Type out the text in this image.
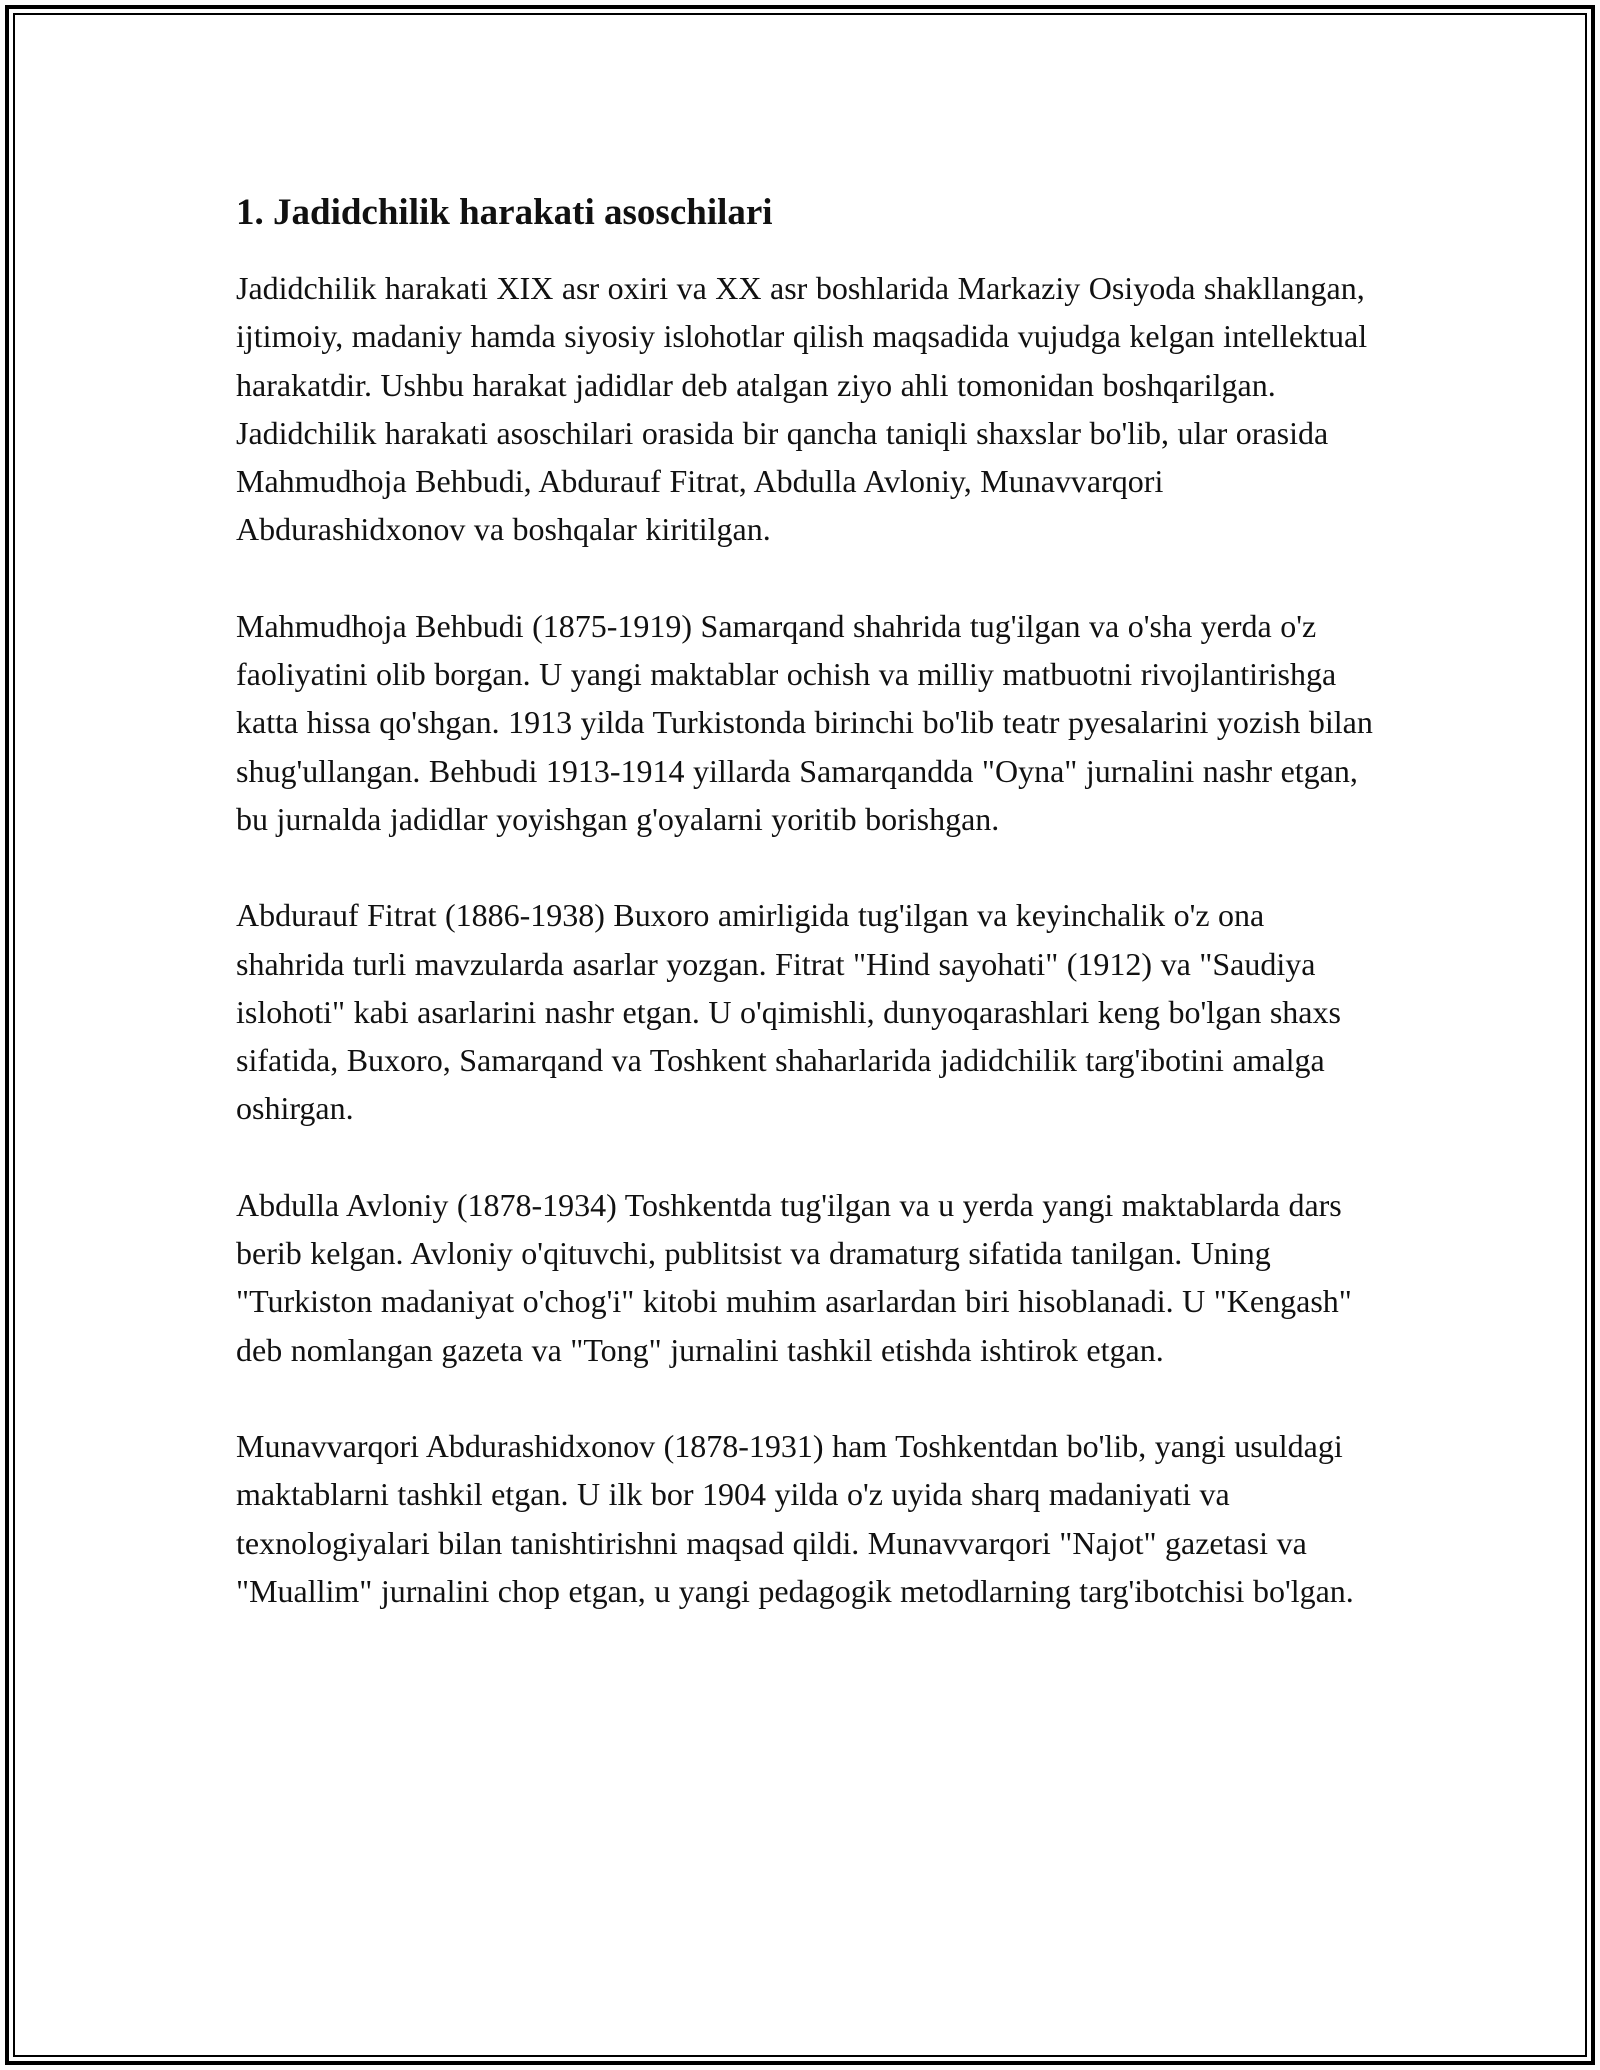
1. Jadidchilik harakati asoschilari

Jadidchilik harakati XIX asr oxiri va XX asr boshlarida Markaziy Osiyoda shakllangan, ijtimoiy, madaniy hamda siyosiy islohotlar qilish maqsadida vujudga kelgan intellektual harakatdir. Ushbu harakat jadidlar deb atalgan ziyo ahli tomonidan boshqarilgan. Jadidchilik harakati asoschilari orasida bir qancha taniqli shaxslar bo'lib, ular orasida Mahmudhoja Behbudi, Abdurauf Fitrat, Abdulla Avloniy, Munavvarqori Abdurashidxonov va boshqalar kiritilgan.

Mahmudhoja Behbudi (1875-1919) Samarqand shahrida tug'ilgan va o'sha yerda o'z faoliyatini olib borgan. U yangi maktablar ochish va milliy matbuotni rivojlantirishga katta hissa qo'shgan. 1913 yilda Turkistonda birinchi bo'lib teatr pyesalarini yozish bilan shug'ullangan. Behbudi 1913-1914 yillarda Samarqandda "Oyna" jurnalini nashr etgan, bu jurnalda jadidlar yoyishgan g'oyalarni yoritib borishgan.

Abdurauf Fitrat (1886-1938) Buxoro amirligida tug'ilgan va keyinchalik o'z ona shahrida turli mavzularda asarlar yozgan. Fitrat "Hind sayohati" (1912) va "Saudiya islohoti" kabi asarlarini nashr etgan. U o'qimishli, dunyoqarashlari keng bo'lgan shaxs sifatida, Buxoro, Samarqand va Toshkent shaharlarida jadidchilik targ'ibotini amalga oshirgan.

Abdulla Avloniy (1878-1934) Toshkentda tug'ilgan va u yerda yangi maktablarda dars berib kelgan. Avloniy o'qituvchi, publitsist va dramaturg sifatida tanilgan. Uning "Turkiston madaniyat o'chog'i" kitobi muhim asarlardan biri hisoblanadi. U "Kengash" deb nomlangan gazeta va "Tong" jurnalini tashkil etishda ishtirok etgan.

Munavvarqori Abdurashidxonov (1878-1931) ham Toshkentdan bo'lib, yangi usuldagi maktablarni tashkil etgan. U ilk bor 1904 yilda o'z uyida sharq madaniyati va texnologiyalari bilan tanishtirishni maqsad qildi. Munavvarqori "Najot" gazetasi va "Muallim" jurnalini chop etgan, u yangi pedagogik metodlarning targ'ibotchisi bo'lgan.
